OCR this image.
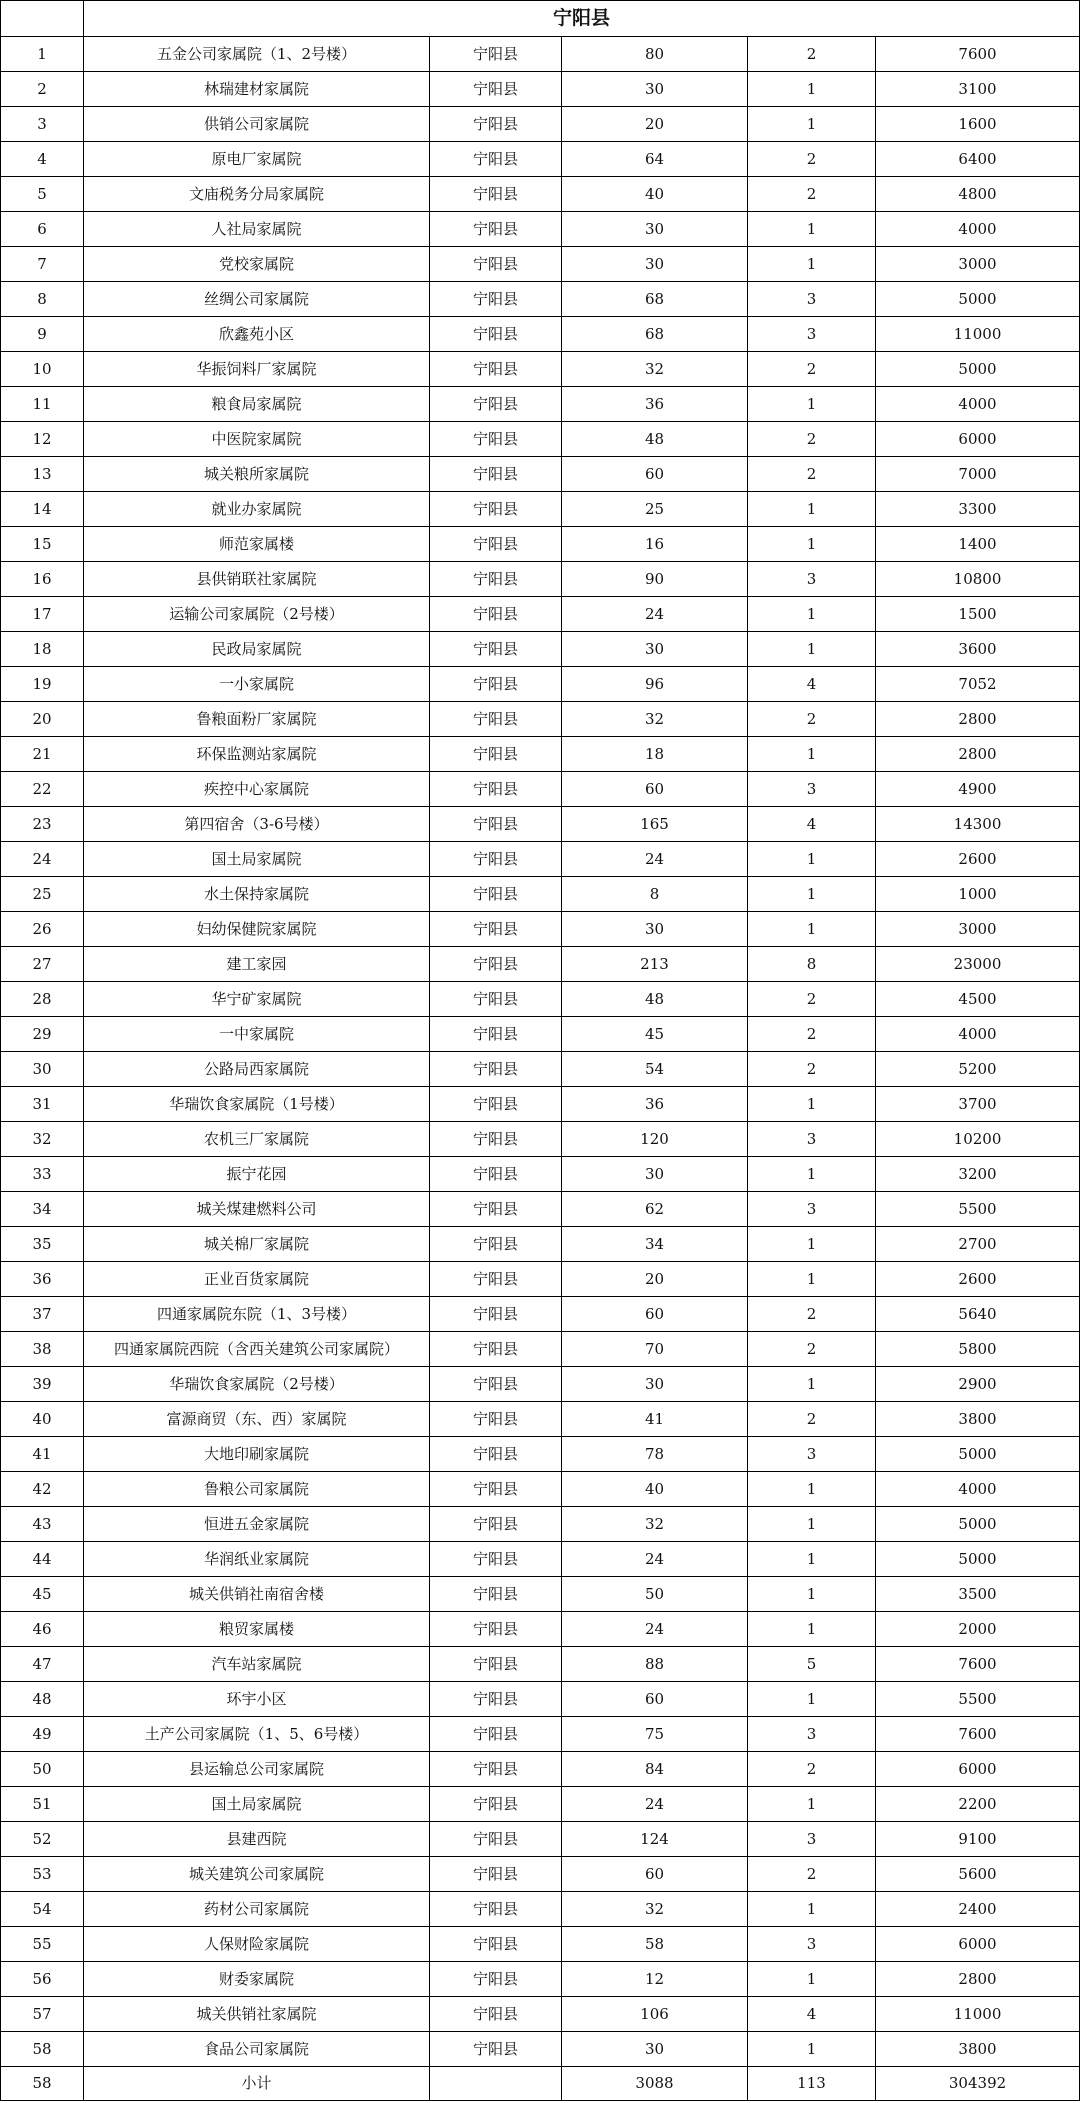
	宁阳县				
1	五金公司家属院（1、2号楼）	宁阳县	80	2	7600
2	林瑞建材家属院	宁阳县	30	1	3100
3	供销公司家属院	宁阳县	20	1	1600
4	原电厂家属院	宁阳县	64	2	6400
5	文庙税务分局家属院	宁阳县	40	2	4800
6	人社局家属院	宁阳县	30	1	4000
7	党校家属院	宁阳县	30	1	3000
8	丝绸公司家属院	宁阳县	68	3	5000
9	欣鑫苑小区	宁阳县	68	3	11000
10	华振饲料厂家属院	宁阳县	32	2	5000
11	粮食局家属院	宁阳县	36	1	4000
12	中医院家属院	宁阳县	48	2	6000
13	城关粮所家属院	宁阳县	60	2	7000
14	就业办家属院	宁阳县	25	1	3300
15	师范家属楼	宁阳县	16	1	1400
16	县供销联社家属院	宁阳县	90	3	10800
17	运输公司家属院（2号楼）	宁阳县	24	1	1500
18	民政局家属院	宁阳县	30	1	3600
19	一小家属院	宁阳县	96	4	7052
20	鲁粮面粉厂家属院	宁阳县	32	2	2800
21	环保监测站家属院	宁阳县	18	1	2800
22	疾控中心家属院	宁阳县	60	3	4900
23	第四宿舍（3-6号楼）	宁阳县	165	4	14300
24	国土局家属院	宁阳县	24	1	2600
25	水土保持家属院	宁阳县	8	1	1000
26	妇幼保健院家属院	宁阳县	30	1	3000
27	建工家园	宁阳县	213	8	23000
28	华宁矿家属院	宁阳县	48	2	4500
29	一中家属院	宁阳县	45	2	4000
30	公路局西家属院	宁阳县	54	2	5200
31	华瑞饮食家属院（1号楼）	宁阳县	36	1	3700
32	农机三厂家属院	宁阳县	120	3	10200
33	振宁花园	宁阳县	30	1	3200
34	城关煤建燃料公司	宁阳县	62	3	5500
35	城关棉厂家属院	宁阳县	34	1	2700
36	正业百货家属院	宁阳县	20	1	2600
37	四通家属院东院（1、3号楼）	宁阳县	60	2	5640
38	四通家属院西院（含西关建筑公司家属院）	宁阳县	70	2	5800
39	华瑞饮食家属院（2号楼）	宁阳县	30	1	2900
40	富源商贸（东、西）家属院	宁阳县	41	2	3800
41	大地印刷家属院	宁阳县	78	3	5000
42	鲁粮公司家属院	宁阳县	40	1	4000
43	恒进五金家属院	宁阳县	32	1	5000
44	华润纸业家属院	宁阳县	24	1	5000
45	城关供销社南宿舍楼	宁阳县	50	1	3500
46	粮贸家属楼	宁阳县	24	1	2000
47	汽车站家属院	宁阳县	88	5	7600
48	环宇小区	宁阳县	60	1	5500
49	土产公司家属院（1、5、6号楼）	宁阳县	75	3	7600
50	县运输总公司家属院	宁阳县	84	2	6000
51	国土局家属院	宁阳县	24	1	2200
52	县建西院	宁阳县	124	3	9100
53	城关建筑公司家属院	宁阳县	60	2	5600
54	药材公司家属院	宁阳县	32	1	2400
55	人保财险家属院	宁阳县	58	3	6000
56	财委家属院	宁阳县	12	1	2800
57	城关供销社家属院	宁阳县	106	4	11000
58	食品公司家属院	宁阳县	30	1	3800
58	小计		3088	113	304392
